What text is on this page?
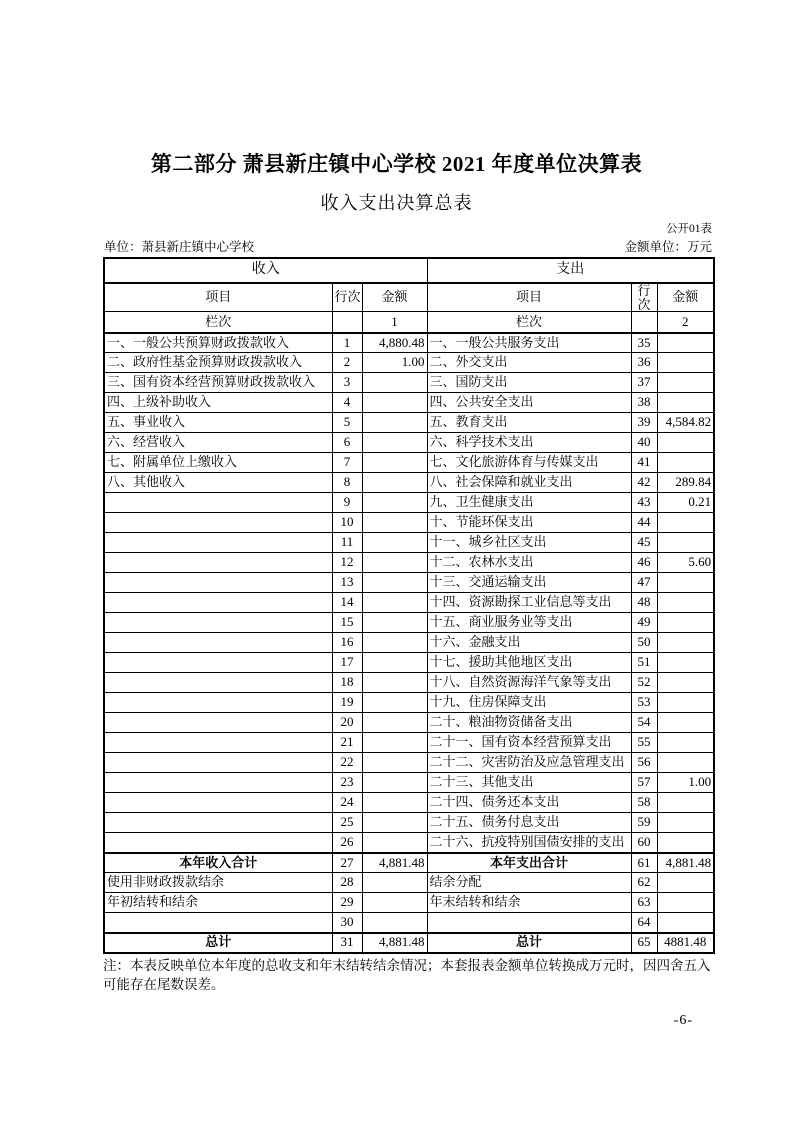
第二部分 萧县新庄镇中心学校 2021 年度单位决算表
收入支出决算总表
公开01表
单位：萧县新庄镇中心学校	金额单位：万元
收入			支出		
项目	行次	金额	项目	行次	金额
栏次		1	栏次		2
一、一般公共预算财政拨款收入	1	4,880.48	一、一般公共服务支出	35	
二、政府性基金预算财政拨款收入	2	1.00	二、外交支出	36	
三、国有资本经营预算财政拨款收入	3		三、国防支出	37	
四、上级补助收入	4		四、公共安全支出	38	
五、事业收入	5		五、教育支出	39	4,584.82
六、经营收入	6		六、科学技术支出	40	
七、附属单位上缴收入	7		七、文化旅游体育与传媒支出	41	
八、其他收入	8		八、社会保障和就业支出	42	289.84
	9		九、卫生健康支出	43	0.21
	10		十、节能环保支出	44	
	11		十一、城乡社区支出	45	
	12		十二、农林水支出	46	5.60
	13		十三、交通运输支出	47	
	14		十四、资源勘探工业信息等支出	48	
	15		十五、商业服务业等支出	49	
	16		十六、金融支出	50	
	17		十七、援助其他地区支出	51	
	18		十八、自然资源海洋气象等支出	52	
	19		十九、住房保障支出	53	
	20		二十、粮油物资储备支出	54	
	21		二十一、国有资本经营预算支出	55	
	22		二十二、灾害防治及应急管理支出	56	
	23		二十三、其他支出	57	1.00
	24		二十四、债务还本支出	58	
	25		二十五、债务付息支出	59	
	26		二十六、抗疫特别国债安排的支出	60	
本年收入合计	27	4,881.48	本年支出合计	61	4,881.48
使用非财政拨款结余	28		结余分配	62	
年初结转和结余	29		年末结转和结余	63	
	30			64	
总计	31	4,881.48	总计	65	4881.48
注：本表反映单位本年度的总收支和年末结转结余情况；本套报表金额单位转换成万元时，因四舍五入可能存在尾数误差。
-6-
